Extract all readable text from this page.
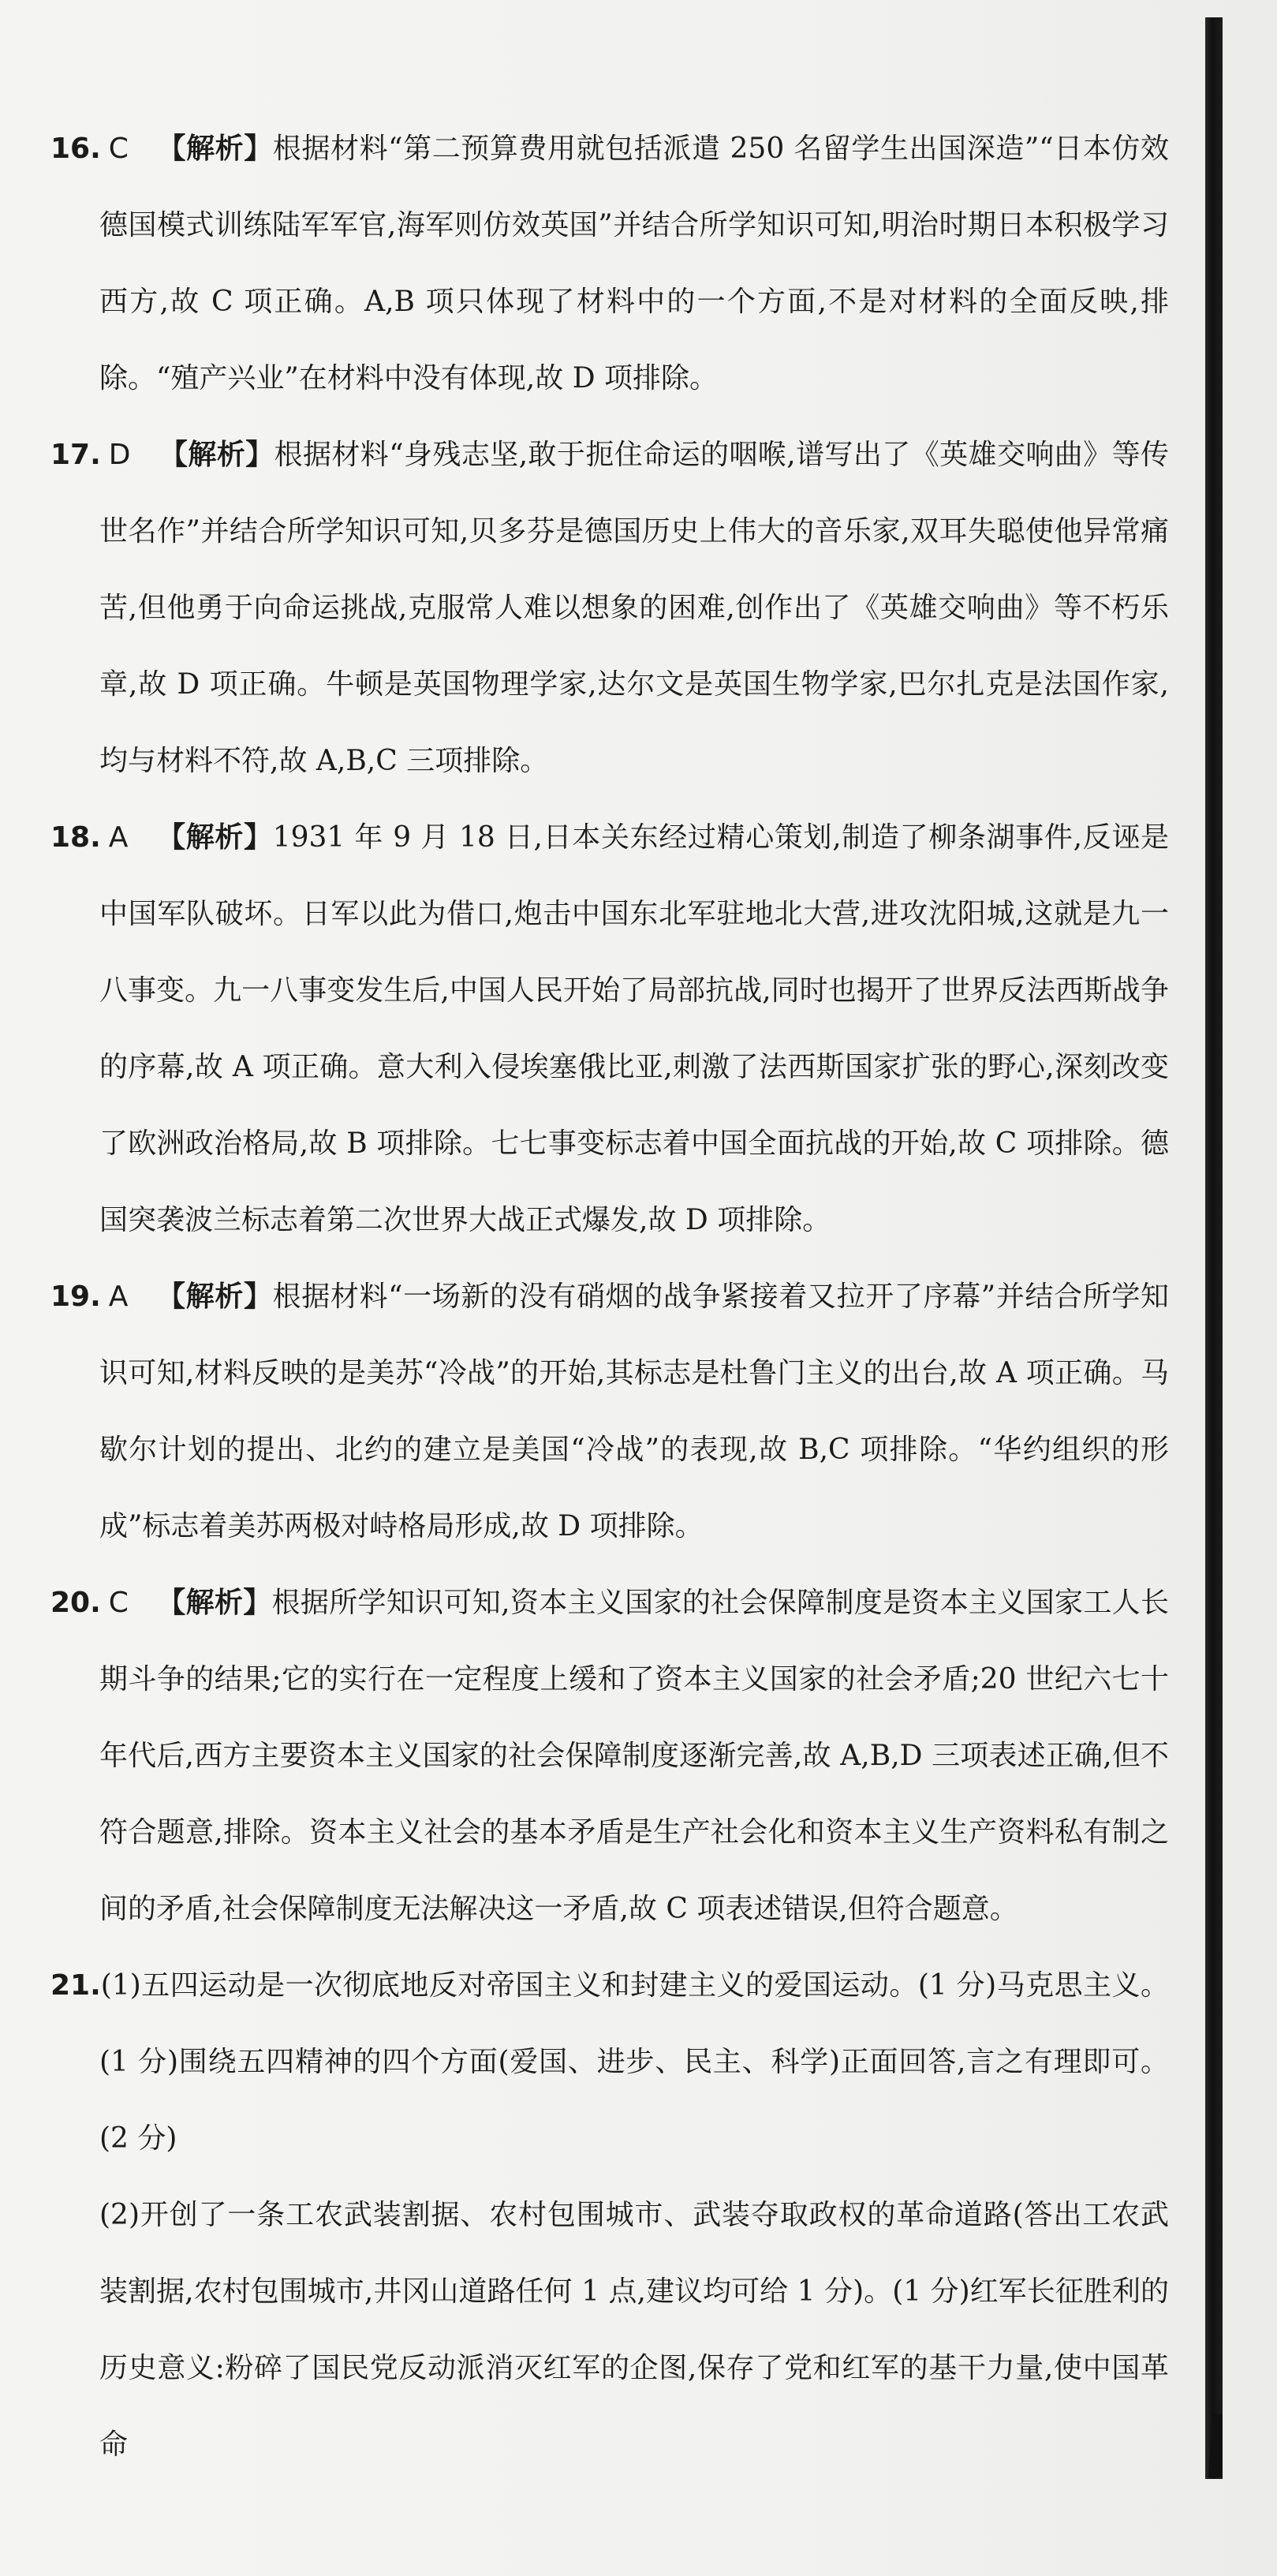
16. C 【解析】根据材料“第二预算费用就包括派遣 250 名留学生出国深造”“日本仿效德国模式训练陆军军官,海军则仿效英国”并结合所学知识可知,明治时期日本积极学习西方,故 C 项正确。A,B 项只体现了材料中的一个方面,不是对材料的全面反映,排除。“殖产兴业”在材料中没有体现,故 D 项排除。

17. D 【解析】根据材料“身残志坚,敢于扼住命运的咽喉,谱写出了《英雄交响曲》等传世名作”并结合所学知识可知,贝多芬是德国历史上伟大的音乐家,双耳失聪使他异常痛苦,但他勇于向命运挑战,克服常人难以想象的困难,创作出了《英雄交响曲》等不朽乐章,故 D 项正确。牛顿是英国物理学家,达尔文是英国生物学家,巴尔扎克是法国作家,均与材料不符,故 A,B,C 三项排除。

18. A 【解析】1931 年 9 月 18 日,日本关东经过精心策划,制造了柳条湖事件,反诬是中国军队破坏。日军以此为借口,炮击中国东北军驻地北大营,进攻沈阳城,这就是九一八事变。九一八事变发生后,中国人民开始了局部抗战,同时也揭开了世界反法西斯战争的序幕,故 A 项正确。意大利入侵埃塞俄比亚,刺激了法西斯国家扩张的野心,深刻改变了欧洲政治格局,故 B 项排除。七七事变标志着中国全面抗战的开始,故 C 项排除。德国突袭波兰标志着第二次世界大战正式爆发,故 D 项排除。

19. A 【解析】根据材料“一场新的没有硝烟的战争紧接着又拉开了序幕”并结合所学知识可知,材料反映的是美苏“冷战”的开始,其标志是杜鲁门主义的出台,故 A 项正确。马歇尔计划的提出、北约的建立是美国“冷战”的表现,故 B,C 项排除。“华约组织的形成”标志着美苏两极对峙格局形成,故 D 项排除。

20. C 【解析】根据所学知识可知,资本主义国家的社会保障制度是资本主义国家工人长期斗争的结果;它的实行在一定程度上缓和了资本主义国家的社会矛盾;20 世纪六七十年代后,西方主要资本主义国家的社会保障制度逐渐完善,故 A,B,D 三项表述正确,但不符合题意,排除。资本主义社会的基本矛盾是生产社会化和资本主义生产资料私有制之间的矛盾,社会保障制度无法解决这一矛盾,故 C 项表述错误,但符合题意。

21.(1)五四运动是一次彻底地反对帝国主义和封建主义的爱国运动。(1 分)马克思主义。(1 分)围绕五四精神的四个方面(爱国、进步、民主、科学)正面回答,言之有理即可。(2 分)

(2)开创了一条工农武装割据、农村包围城市、武装夺取政权的革命道路(答出工农武装割据,农村包围城市,井冈山道路任何 1 点,建议均可给 1 分)。(1 分)红军长征胜利的历史意义:粉碎了国民党反动派消灭红军的企图,保存了党和红军的基干力量,使中国革命
